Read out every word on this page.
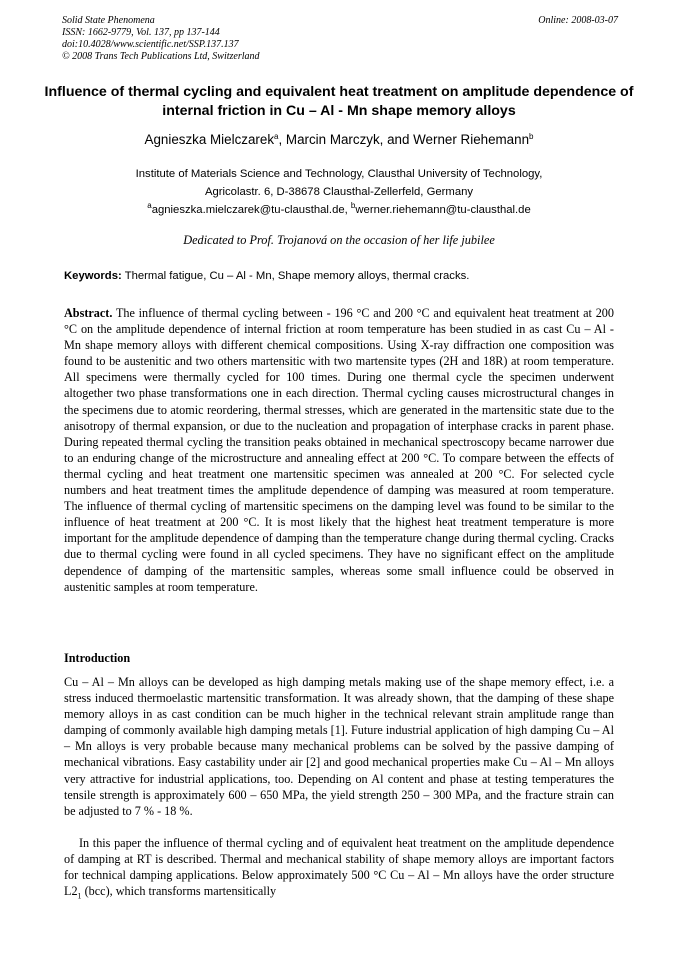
Solid State Phenomena
ISSN: 1662-9779, Vol. 137, pp 137-144
doi:10.4028/www.scientific.net/SSP.137.137
© 2008 Trans Tech Publications Ltd, Switzerland
Online: 2008-03-07
Influence of thermal cycling and equivalent heat treatment on amplitude dependence of internal friction in Cu – Al - Mn shape memory alloys
Agnieszka Mielczarek$^a$, Marcin Marczyk, and Werner Riehemann$^b$
Institute of Materials Science and Technology, Clausthal University of Technology,
Agricolastr. 6, D-38678 Clausthal-Zellerfeld, Germany
$^a$agnieszka.mielczarek@tu-clausthal.de, $^b$werner.riehemann@tu-clausthal.de
Dedicated to Prof. Trojanová on the occasion of her life jubilee
Keywords: Thermal fatigue, Cu – Al - Mn, Shape memory alloys, thermal cracks.

Abstract. The influence of thermal cycling between - 196 °C and 200 °C and equivalent heat treatment at 200 °C on the amplitude dependence of internal friction at room temperature has been studied in as cast Cu – Al - Mn shape memory alloys with different chemical compositions. Using X-ray diffraction one composition was found to be austenitic and two others martensitic with two martensite types (2H and 18R) at room temperature. All specimens were thermally cycled for 100 times. During one thermal cycle the specimen underwent altogether two phase transformations one in each direction. Thermal cycling causes microstructural changes in the specimens due to atomic reordering, thermal stresses, which are generated in the martensitic state due to the anisotropy of thermal expansion, or due to the nucleation and propagation of interphase cracks in parent phase. During repeated thermal cycling the transition peaks obtained in mechanical spectroscopy became narrower due to an enduring change of the microstructure and annealing effect at 200 °C. To compare between the effects of thermal cycling and heat treatment one martensitic specimen was annealed at 200 °C. For selected cycle numbers and heat treatment times the amplitude dependence of damping was measured at room temperature. The influence of thermal cycling of martensitic specimens on the damping level was found to be similar to the influence of heat treatment at 200 °C. It is most likely that the highest heat treatment temperature is more important for the amplitude dependence of damping than the temperature change during thermal cycling. Cracks due to thermal cycling were found in all cycled specimens. They have no significant effect on the amplitude dependence of damping of the martensitic samples, whereas some small influence could be observed in austenitic samples at room temperature.

Introduction

Cu – Al – Mn alloys can be developed as high damping metals making use of the shape memory effect, i.e. a stress induced thermoelastic martensitic transformation. It was already shown, that the damping of these shape memory alloys in as cast condition can be much higher in the technical relevant strain amplitude range than damping of commonly available high damping metals [1]. Future industrial application of high damping Cu – Al – Mn alloys is very probable because many mechanical problems can be solved by the passive damping of mechanical vibrations. Easy castability under air [2] and good mechanical properties make Cu – Al – Mn alloys very attractive for industrial applications, too. Depending on Al content and phase at testing temperatures the tensile strength is approximately 600 – 650 MPa, the yield strength 250 – 300 MPa, and the fracture strain can be adjusted to 7 % - 18 %.

In this paper the influence of thermal cycling and of equivalent heat treatment on the amplitude dependence of damping at RT is described. Thermal and mechanical stability of shape memory alloys are important factors for technical damping applications. Below approximately 500 °C Cu – Al – Mn alloys have the order structure $L2_1$ (bcc), which transforms martensitically
